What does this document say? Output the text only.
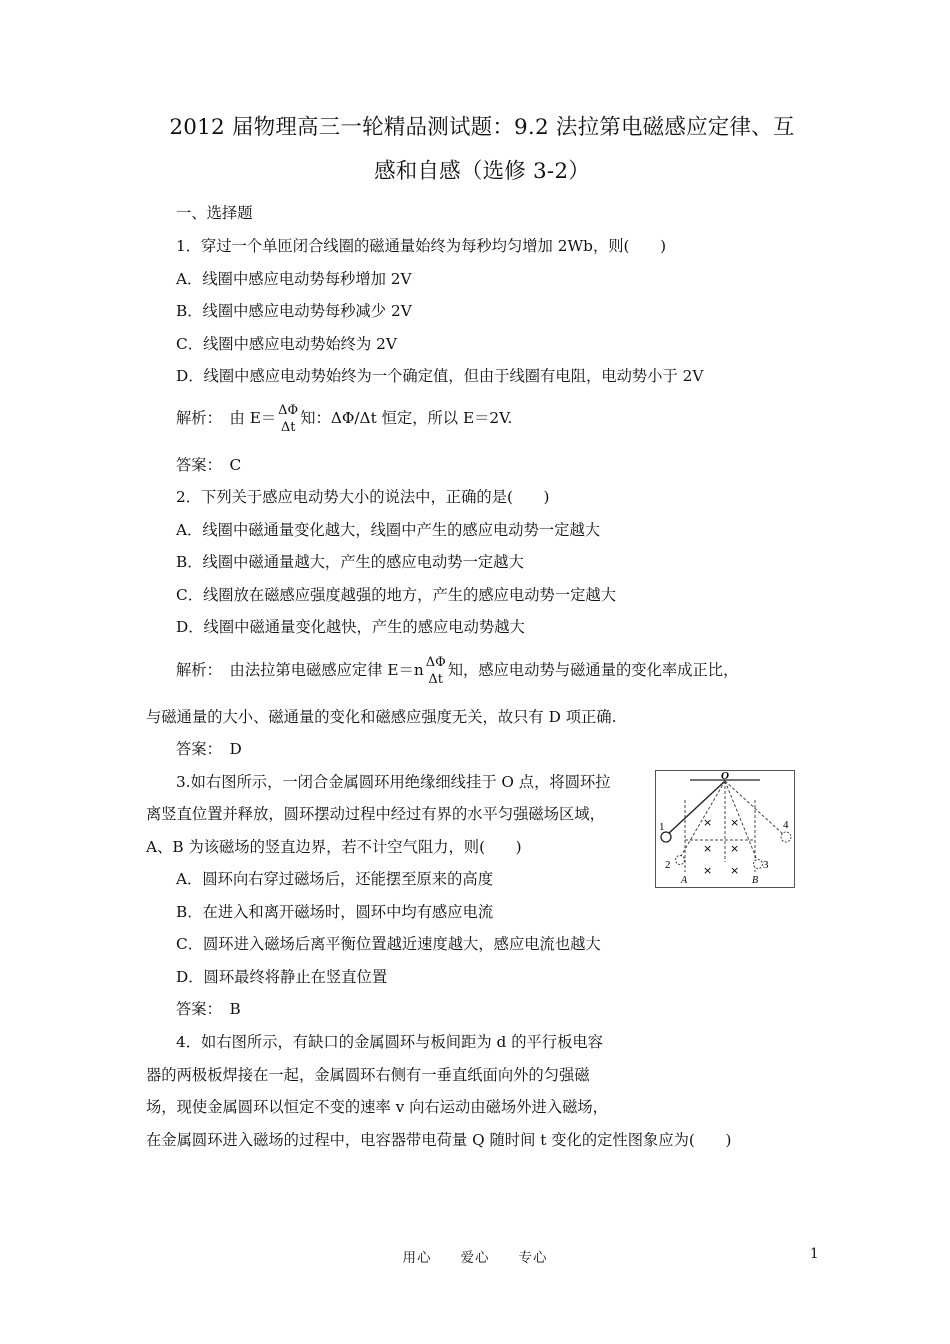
2012 届物理高三一轮精品测试题：9.2 法拉第电磁感应定律、互
感和自感（选修 3-2）
一、选择题
1．穿过一个单匝闭合线圈的磁通量始终为每秒均匀增加 2Wb，则(　　)
A．线圈中感应电动势每秒增加 2V
B．线圈中感应电动势每秒减少 2V
C．线圈中感应电动势始终为 2V
D．线圈中感应电动势始终为一个确定值，但由于线圈有电阻，电动势小于 2V
解析：　由 E＝ ΔΦ
Δt
知：ΔΦ/Δt 恒定，所以 E＝2V.
答案：　C
2．下列关于感应电动势大小的说法中，正确的是(　　)
A．线圈中磁通量变化越大，线圈中产生的感应电动势一定越大
B．线圈中磁通量越大，产生的感应电动势一定越大
C．线圈放在磁感应强度越强的地方，产生的感应电动势一定越大
D．线圈中磁通量变化越快，产生的感应电动势越大
解析：　由法拉第电磁感应定律 E＝n ΔΦ
Δt
知，感应电动势与磁通量的变化率成正比，
与磁通量的大小、磁通量的变化和磁感应强度无关，故只有 D 项正确.
答案：　D
3.如右图所示，一闭合金属圆环用绝缘细线挂于 O 点，将圆环拉
离竖直位置并释放，圆环摆动过程中经过有界的水平匀强磁场区域，
A、B 为该磁场的竖直边界，若不计空气阻力，则(　　)
A．圆环向右穿过磁场后，还能摆至原来的高度
B．在进入和离开磁场时，圆环中均有感应电流
C．圆环进入磁场后离平衡位置越近速度越大，感应电流也越大
D．圆环最终将静止在竖直位置
答案：　B
O
1
2	3
4
A	B
× ×
× ×
× ×
4．如右图所示，有缺口的金属圆环与板间距为 d 的平行板电容
器的两极板焊接在一起，金属圆环右侧有一垂直纸面向外的匀强磁
场，现使金属圆环以恒定不变的速率 v 向右运动由磁场外进入磁场，
在金属圆环进入磁场的过程中，电容器带电荷量 Q 随时间 t 变化的定性图象应为(　　)
用心　　爱心　　专心	1
